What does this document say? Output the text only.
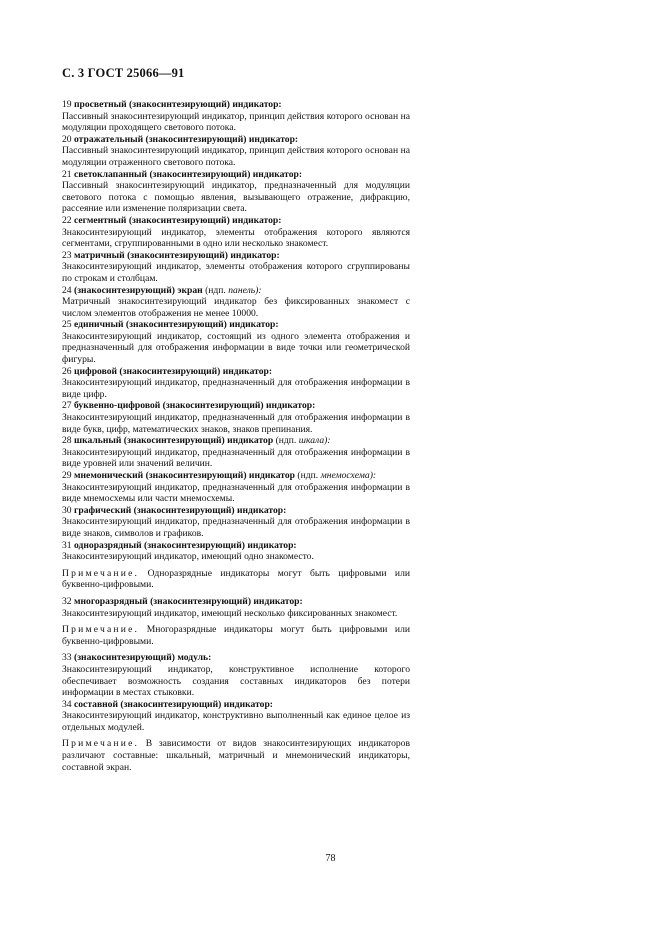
С. 3 ГОСТ 25066—91
19 просветный (знакосинтезирующий) индикатор:
Пассивный знакосинтезирующий индикатор, принцип действия которого основан на модуляции проходящего светового потока.
20 отражательный (знакосинтезирующий) индикатор:
Пассивный знакосинтезирующий индикатор, принцип действия которого основан на модуляции отраженного светового потока.
21 светоклапанный (знакосинтезирующий) индикатор:
Пассивный знакосинтезирующий индикатор, предназначенный для модуляции светового потока с помощью явления, вызывающего отражение, дифракцию, рассеяние или изменение поляризации света.
22 сегментный (знакосинтезирующий) индикатор:
Знакосинтезирующий индикатор, элементы отображения которого являются сегментами, сгруппированными в одно или несколько знакомест.
23 матричный (знакосинтезирующий) индикатор:
Знакосинтезирующий индикатор, элементы отображения которого сгруппированы по строкам и столбцам.
24 (знакосинтезирующий) экран (ндп. панель):
Матричный знакосинтезирующий индикатор без фиксированных знакомест с числом элементов отображения не менее 10000.
25 единичный (знакосинтезирующий) индикатор:
Знакосинтезирующий индикатор, состоящий из одного элемента отображения и предназначенный для отображения информации в виде точки или геометрической фигуры.
26 цифровой (знакосинтезирующий) индикатор:
Знакосинтезирующий индикатор, предназначенный для отображения информации в виде цифр.
27 буквенно-цифровой (знакосинтезирующий) индикатор:
Знакосинтезирующий индикатор, предназначенный для отображения информации в виде букв, цифр, математических знаков, знаков препинания.
28 шкальный (знакосинтезирующий) индикатор (ндп. шкала):
Знакосинтезирующий индикатор, предназначенный для отображения информации в виде уровней или значений величин.
29 мнемонический (знакосинтезирующий) индикатор (ндп. мнемосхема):
Знакосинтезирующий индикатор, предназначенный для отображения информации в виде мнемосхемы или части мнемосхемы.
30 графический (знакосинтезирующий) индикатор:
Знакосинтезирующий индикатор, предназначенный для отображения информации в виде знаков, символов и графиков.
31 одноразрядный (знакосинтезирующий) индикатор:
Знакосинтезирующий индикатор, имеющий одно знакоместо.
Примечание. Одноразрядные индикаторы могут быть цифровыми или буквенно-цифровыми.
32 многоразрядный (знакосинтезирующий) индикатор:
Знакосинтезирующий индикатор, имеющий несколько фиксированных знакомест.
Примечание. Многоразрядные индикаторы могут быть цифровыми или буквенно-цифровыми.
33 (знакосинтезирующий) модуль:
Знакосинтезирующий индикатор, конструктивное исполнение которого обеспечивает возможность создания составных индикаторов без потери информации в местах стыковки.
34 составной (знакосинтезирующий) индикатор:
Знакосинтезирующий индикатор, конструктивно выполненный как единое целое из отдельных модулей.
Примечание. В зависимости от видов знакосинтезирующих индикаторов различают составные: шкальный, матричный и мнемонический индикаторы, составной экран.
78
